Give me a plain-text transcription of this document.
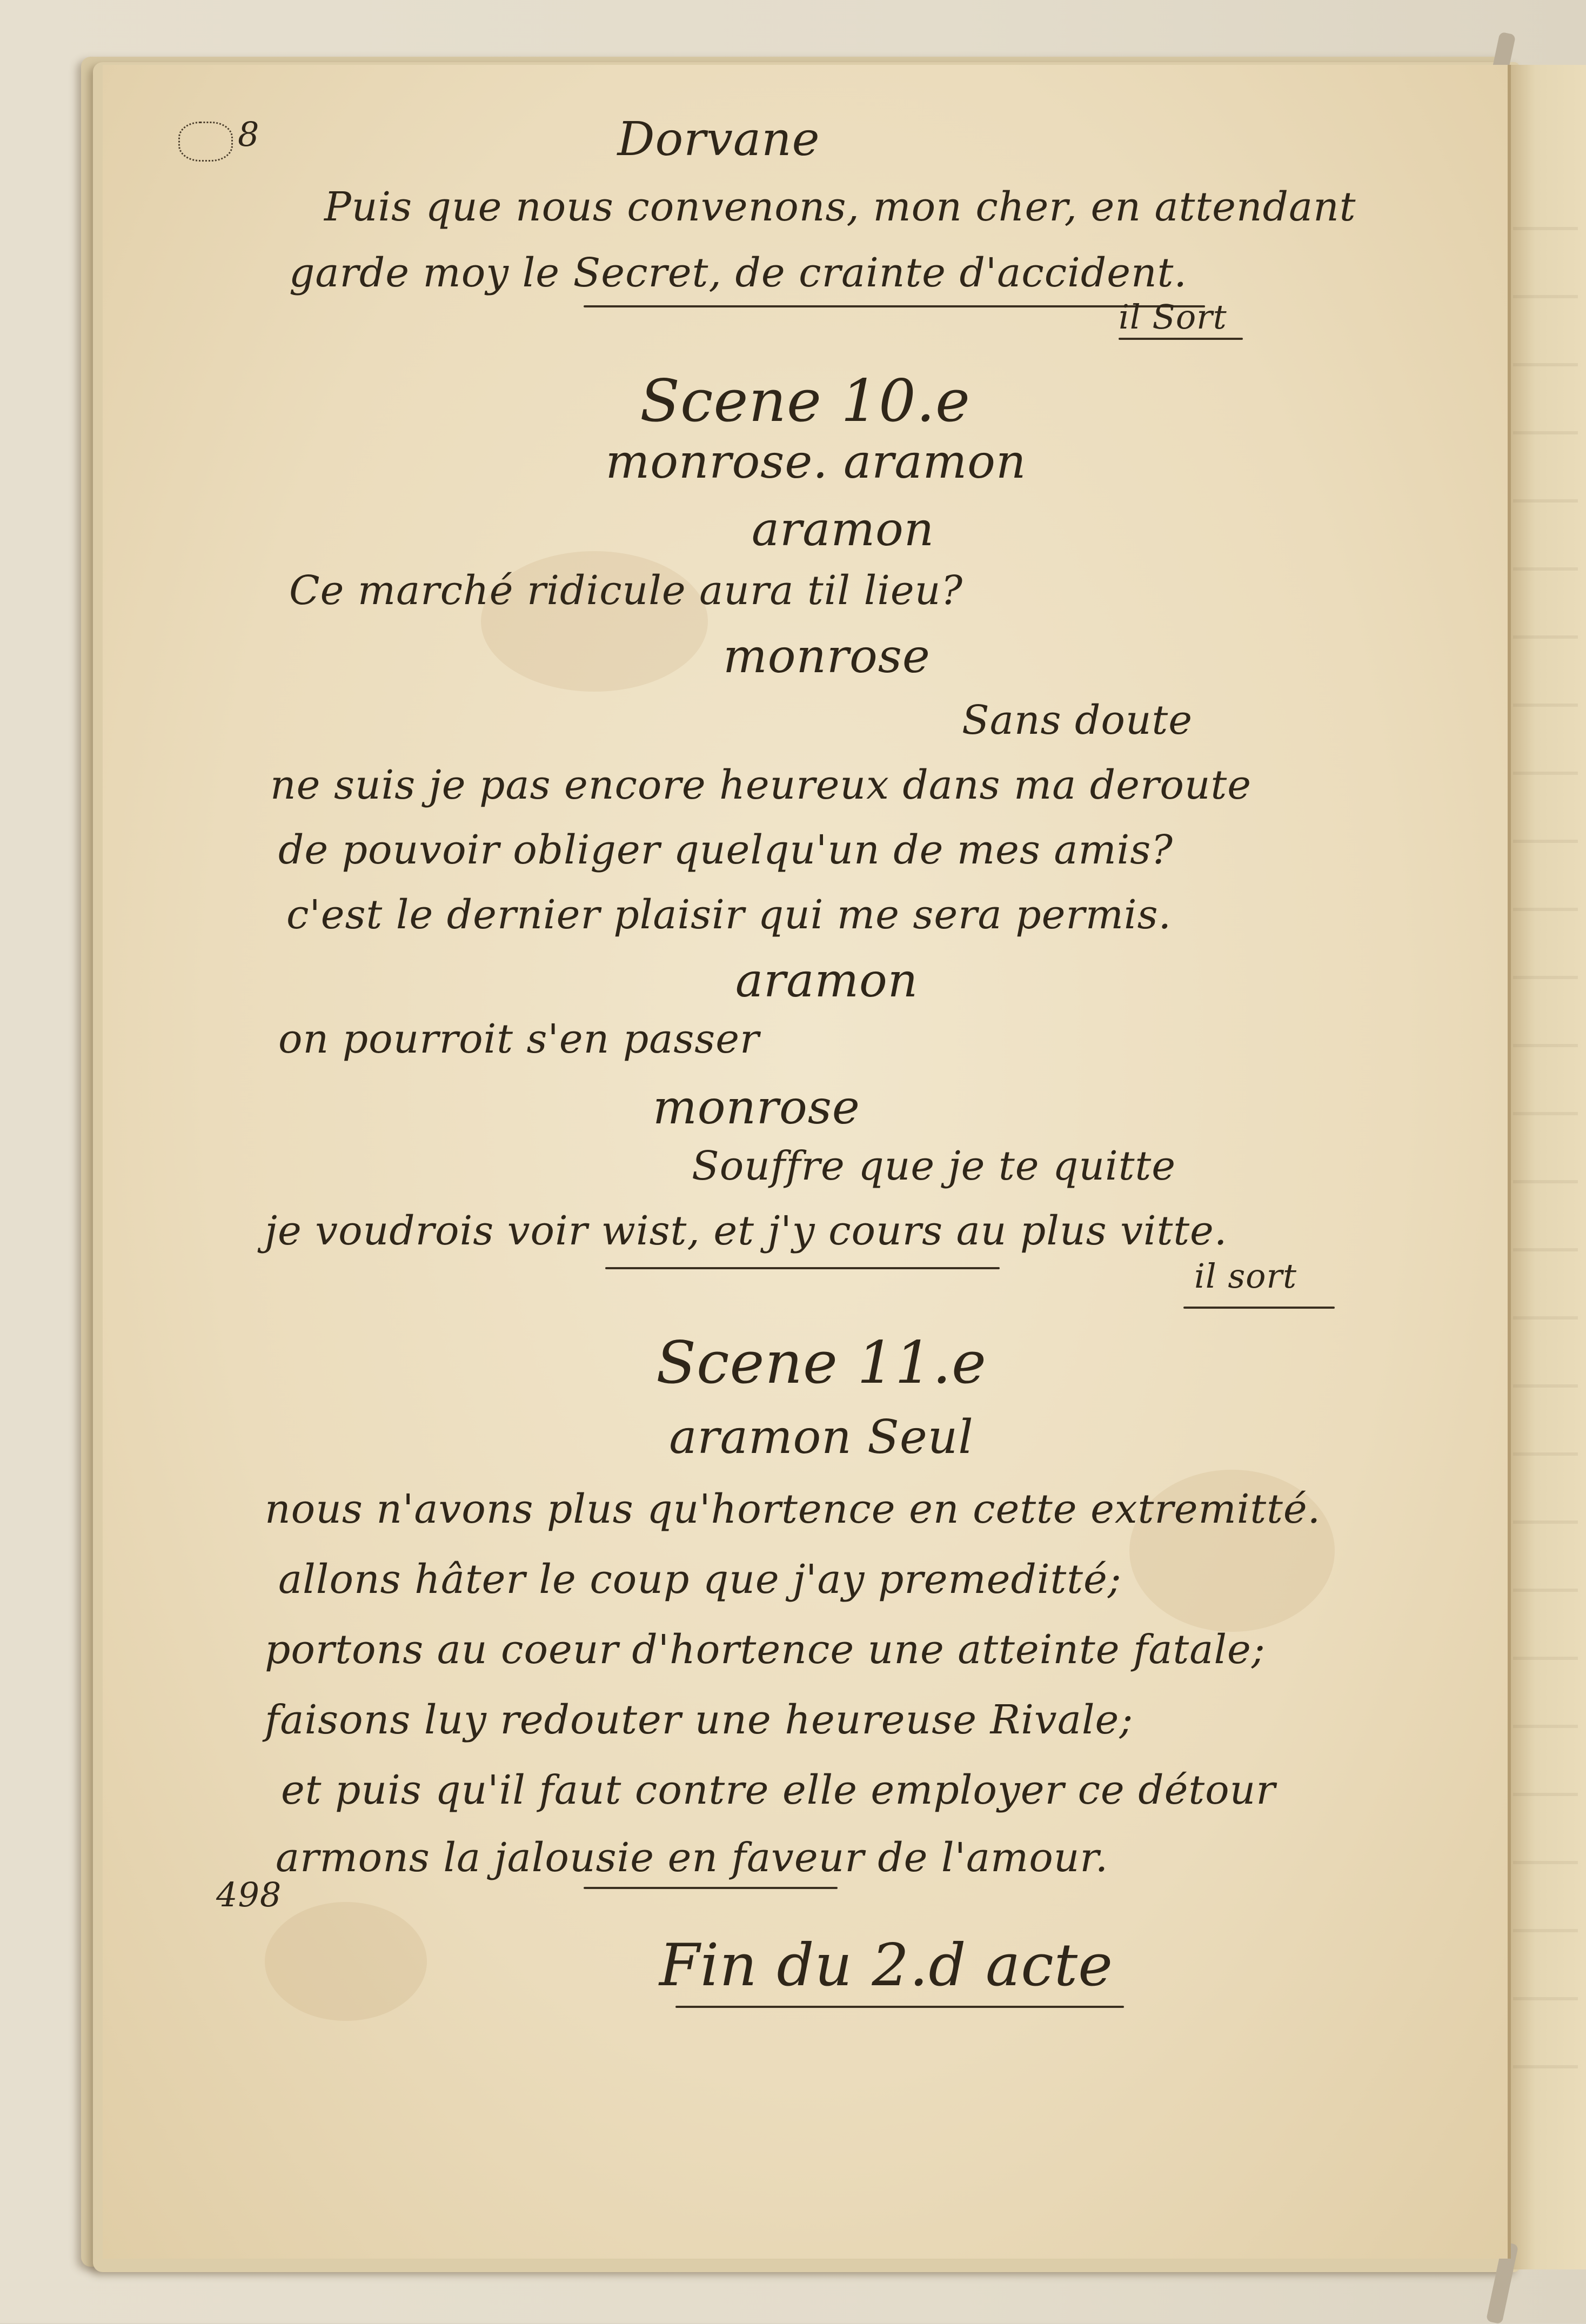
8	Dorvane
Puis que nous convenons, mon cher, en attendant
garde moy le Secret, de crainte d'accident.
il Sort
Scene 10.e
monrose. aramon
aramon
Ce marché ridicule aura til lieu?
monrose
Sans doute
ne suis je pas encore heureux dans ma deroute
de pouvoir obliger quelqu'un de mes amis?
c'est le dernier plaisir qui me sera permis.
aramon
on pourroit s'en passer
monrose
Souffre que je te quitte
je voudrois voir wist, et j'y cours au plus vitte.
il sort
Scene 11.e
aramon Seul
nous n'avons plus qu'hortence en cette extremitté.
allons hâter le coup que j'ay premeditté;
portons au coeur d'hortence une atteinte fatale;
faisons luy redouter une heureuse Rivale;
et puis qu'il faut contre elle employer ce détour
armons la jalousie en faveur de l'amour.
498
Fin du 2.d acte
